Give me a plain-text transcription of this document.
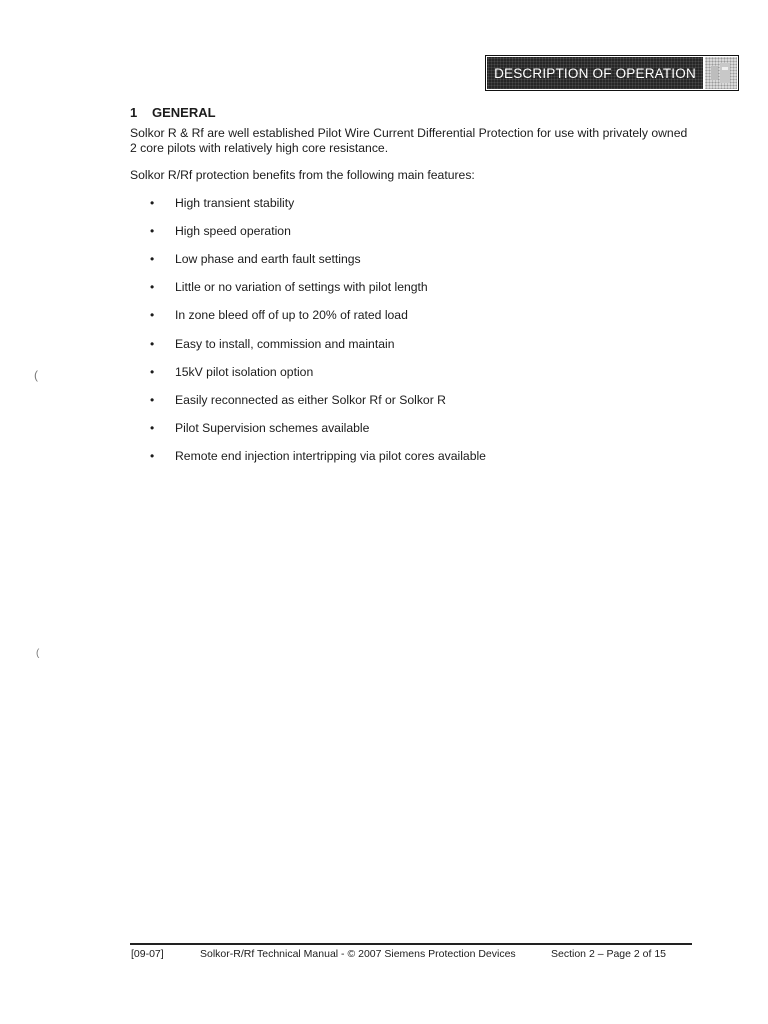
DESCRIPTION OF OPERATION
1 GENERAL
Solkor R & Rf are well established Pilot Wire Current Differential Protection for use with privately owned 2 core pilots with relatively high core resistance.
Solkor R/Rf protection benefits from the following main features:
• High transient stability
• High speed operation
• Low phase and earth fault settings
• Little or no variation of settings with pilot length
• In zone bleed off of up to 20% of rated load
• Easy to install, commission and maintain
• 15kV pilot isolation option
• Easily reconnected as either Solkor Rf or Solkor R
• Pilot Supervision schemes available
• Remote end injection intertripping via pilot cores available
(
(
[09-07]	Solkor-R/Rf Technical Manual - © 2007 Siemens Protection Devices	Section 2 – Page 2 of 15
